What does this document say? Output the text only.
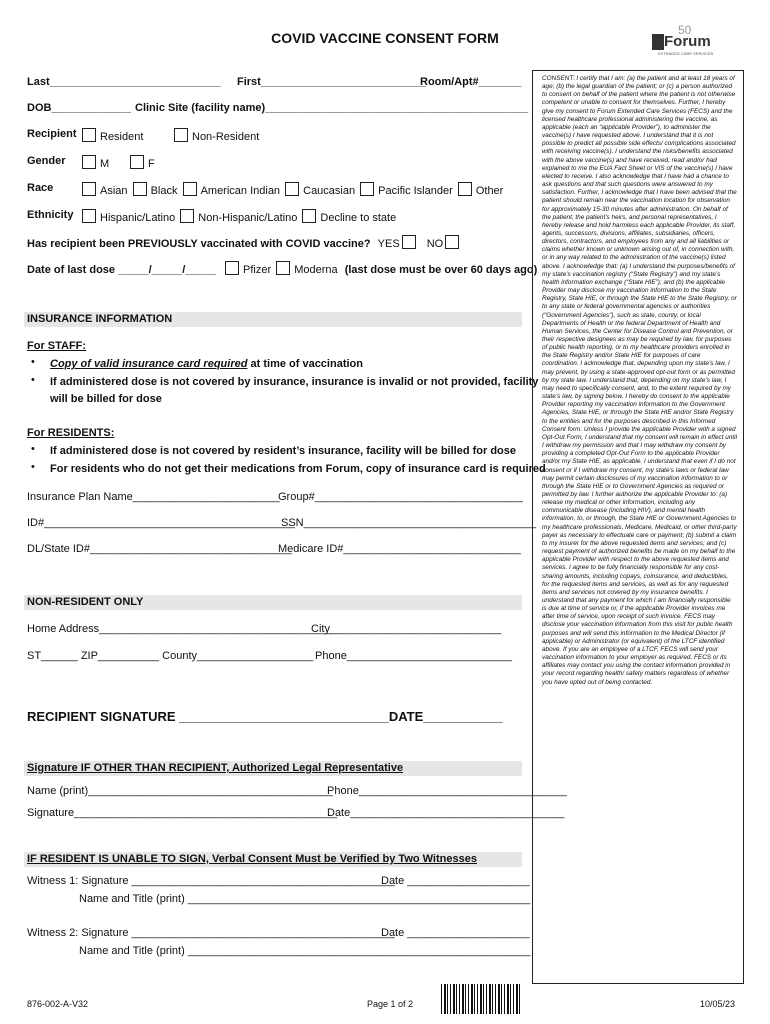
COVID VACCINE CONSENT FORM	50
Forum
EXTENDED CARE SERVICES
Last____________________________ First___________________________
Room/Apt#_______
DOB_____________ Clinic Site (facility name)___________________________________________
Recipient	Resident	Non-Resident
Gender	M	F
Race	Asian Black American Indian Caucasian Pacific Islander Other
Ethnicity	Hispanic/Latino Non-Hispanic/Latino Decline to state
Has recipient been PREVIOUSLY vaccinated with COVID vaccine? YES NO
Date of last dose _____/_____/_____ Pfizer Moderna (last dose must be over 60 days ago)
INSURANCE INFORMATION
For STAFF:
• Copy of valid insurance card required at time of vaccination
• If administered dose is not covered by insurance, insurance is invalid or not provided, facility
will be billed for dose
For RESIDENTS:
• If administered dose is not covered by resident’s insurance, facility will be billed for dose
• For residents who do not get their medications from Forum, copy of insurance card is required
Insurance Plan Name________________________
Group#__________________________________
ID#_________________________________________
SSN______________________________________
DL/State ID#_________________________________
Medicare ID#_____________________________
NON-RESIDENT ONLY
Home Address______________________________________
City____________________________
ST______ ZIP__________ County___________________ Phone___________________________
RECIPIENT SIGNATURE _____________________________DATE___________
Signature IF OTHER THAN RECIPIENT, Authorized Legal Representative
Name (print)________________________________________
Phone__________________________________
Signature___________________________________________
Date___________________________________
IF RESIDENT IS UNABLE TO SIGN, Verbal Consent Must be Verified by Two Witnesses
Witness 1: Signature ___________________________________________
Date ____________________
Name and Title (print) ________________________________________________________
Witness 2: Signature ___________________________________________
Date ____________________
Name and Title (print) ________________________________________________________
CONSENT: I certify that I am: (a) the patient and at least 18 years of age; (b) the legal guardian of the patient; or (c) a person authorized to consent on behalf of the patient where the patient is not otherwise competent or unable to consent for themselves. Further, I hereby give my consent to Forum Extended Care Services (FECS) and the licensed healthcare professional administering the vaccine, as applicable (each an “applicable Provider”), to administer the vaccine(s) I have requested above. I understand that it is not possible to predict all possible side effects/ complications associated with receiving vaccine(s). I understand the risks/benefits associated with the above vaccine(s) and have received, read and/or had explained to me the EUA Fact Sheet or VIS of the vaccine(s) I have elected to receive. I also acknowledge that I have had a chance to ask questions and that such questions were answered to my satisfaction. Further, I acknowledge that I have been advised that the patient should remain near the vaccination location for observation for approximately 15-30 minutes after administration. On behalf of the patient, the patient’s heirs, and personal representatives, I hereby release and hold harmless each applicable Provider, its staff, agents, successors, divisions, affiliates, subsidiaries, officers, directors, contractors, and employees from any and all liabilities or claims whether known or unknown arising out of, in connection with, or in any way related to the administration of the vaccine(s) listed above. I acknowledge that: (a) I understand the purposes/benefits of my state’s vaccination registry (“State Registry”) and my state’s health information exchange (“State HIE”); and (b) the applicable Provider may disclose my vaccination information to the State Registry, State HIE, or through the State HIE to the State Registry, or to any state or federal governmental agencies or authorities (“Government Agencies”), such as state, county, or local Departments of Health or the federal Department of Health and Human Services, the Center for Disease Control and Prevention, or their respective designees as may be required by law, for purposes of public health reporting, or to my healthcare providers enrolled in the State Registry and/or State HIE for purposes of care coordination. I acknowledge that, depending upon my state’s law, I may prevent, by using a state-approved opt-out form or as permitted by my state law. I understand that, depending on my state’s law, I may need to specifically consent, and, to the extent required by my state’s law, by signing below, I hereby do consent to the applicable Provider reporting my vaccination information to the Government Agencies, State HIE, or through the State HIE and/or State Registry to the entities and for the purposes described in this Informed Consent form. Unless I provide the applicable Provider with a signed Opt-Out Form, I understand that my consent will remain in effect until I withdraw my permission and that I may withdraw my consent by providing a completed Opt-Out Form to the applicable Provider and/or my State HIE, as applicable. I understand that even if I do not consent or if I withdraw my consent, my state’s laws or federal law may permit certain disclosures of my vaccination information to or through the State HIE or to Government Agencies as required or permitted by law. I further authorize the applicable Provider to: (a) release my medical or other information, including any communicable disease (including HIV), and mental health information, to, or through, the State HIE or Government Agencies to my healthcare professionals, Medicare, Medicaid, or other third-party payer as necessary to effectuate care or payment; (b) submit a claim to my insurer for the above requested items and services; and (c) request payment of authorized benefits be made on my behalf to the applicable Provider with respect to the above requested items and services. I agree to be fully financially responsible for any cost-sharing amounts, including copays, coinsurance, and deductibles, for the requested items and services, as well as for any requested items and services not covered by my insurance benefits. I understand that any payment for which I am financially responsible is due at time of service or, if the applicable Provider invoices me after time of service, upon receipt of such invoice. FECS may disclose your vaccination information from this visit for public health purposes and will send this information to the Medical Director (if applicable) or Administrator (or equivalent) of the LTCF identified above. If you are an employee of a LTCF, FECS will send your vaccination information to your employer as required. FECS or its affiliates may contact you using the contact information provided in your record regarding health/ safety matters regardless of whether you have opted out of being contacted.
876-002-A-V32	Page 1 of 2	10/05/23
